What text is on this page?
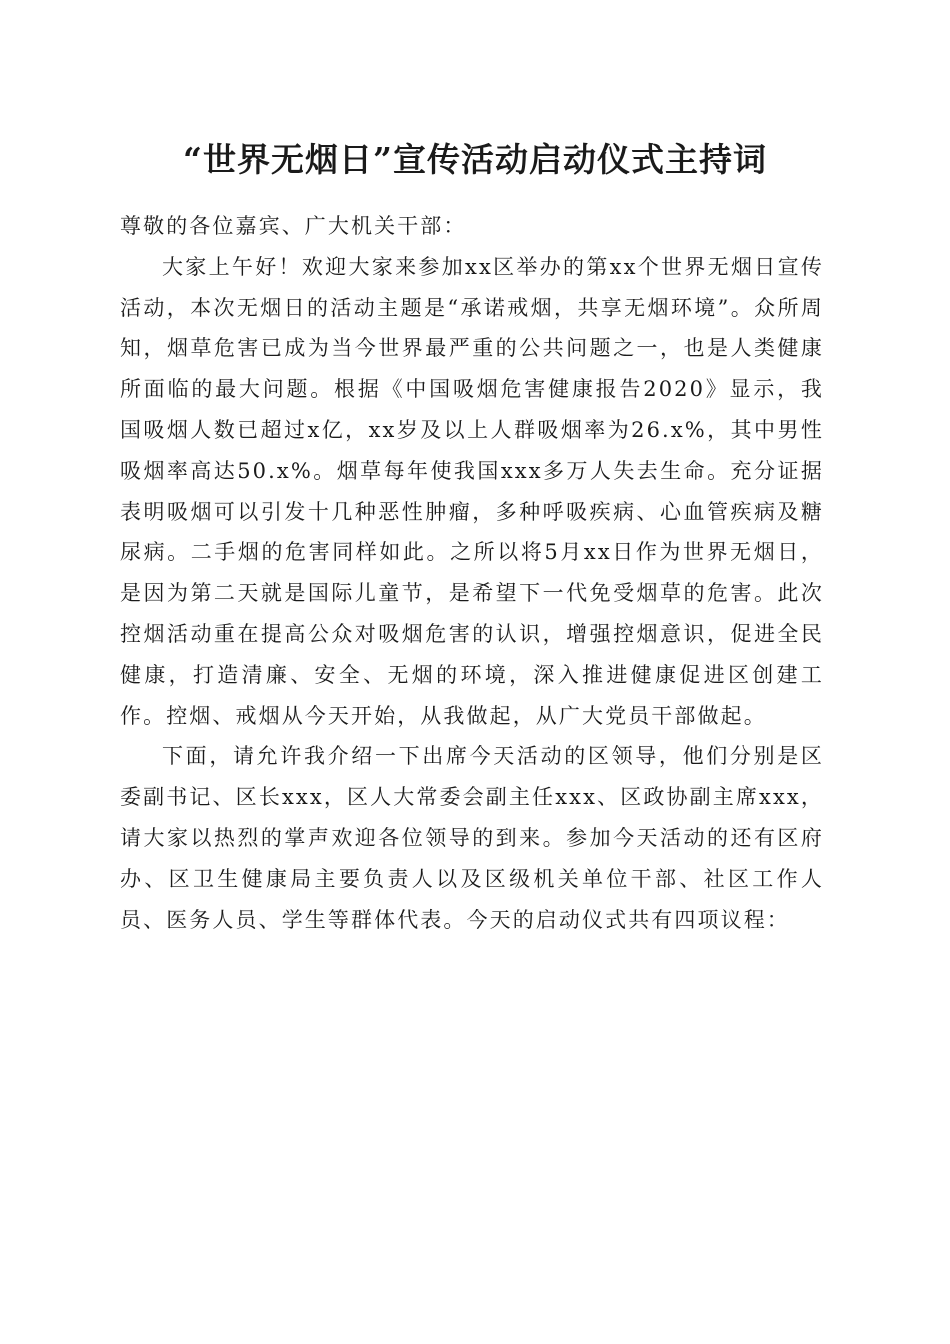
“世界无烟日”宣传活动启动仪式主持词

尊敬的各位嘉宾、广大机关干部：

大家上午好！欢迎大家来参加xx区举办的第xx个世界无烟日宣传活动，本次无烟日的活动主题是“承诺戒烟，共享无烟环境”。众所周知，烟草危害已成为当今世界最严重的公共问题之一，也是人类健康所面临的最大问题。根据《中国吸烟危害健康报告2020》显示，我国吸烟人数已超过x亿，xx岁及以上人群吸烟率为26.x%，其中男性吸烟率高达50.x%。烟草每年使我国xxx多万人失去生命。充分证据表明吸烟可以引发十几种恶性肿瘤，多种呼吸疾病、心血管疾病及糖尿病。二手烟的危害同样如此。之所以将5月xx日作为世界无烟日，是因为第二天就是国际儿童节，是希望下一代免受烟草的危害。此次控烟活动重在提高公众对吸烟危害的认识，增强控烟意识，促进全民健康，打造清廉、安全、无烟的环境，深入推进健康促进区创建工作。控烟、戒烟从今天开始，从我做起，从广大党员干部做起。

下面，请允许我介绍一下出席今天活动的区领导，他们分别是区委副书记、区长xxx，区人大常委会副主任xxx、区政协副主席xxx，请大家以热烈的掌声欢迎各位领导的到来。参加今天活动的还有区府办、区卫生健康局主要负责人以及区级机关单位干部、社区工作人员、医务人员、学生等群体代表。今天的启动仪式共有四项议程：
